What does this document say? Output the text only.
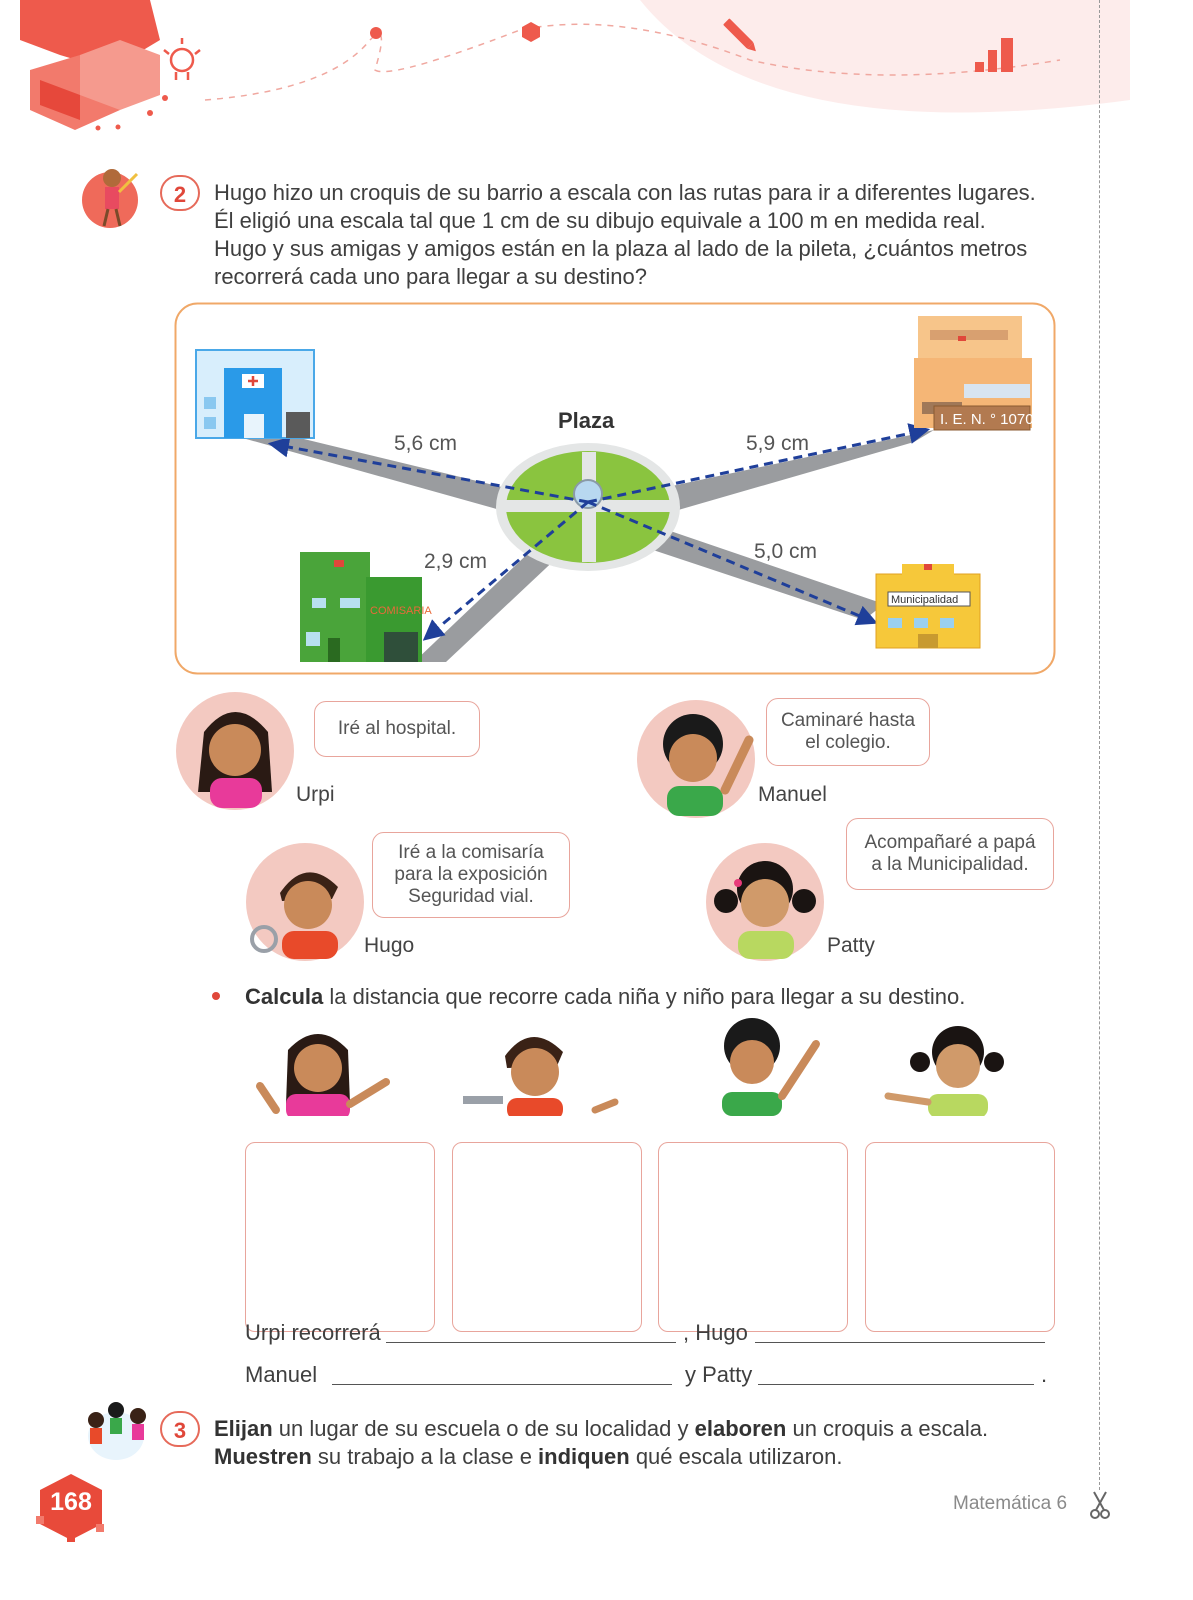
2	Hugo hizo un croquis de su barrio a escala con las rutas para ir a diferentes lugares.
Él eligió una escala tal que 1 cm de su dibujo equivale a 100 m en medida real.
Hugo y sus amigas y amigos están en la plaza al lado de la pileta, ¿cuántos metros
recorrerá cada uno para llegar a su destino?
I. E. N. ° 1070
COMISARIA
Municipalidad
Plaza
5,6 cm	5,9 cm
2,9 cm	5,0 cm
Urpi
Iré al hospital.
Manuel
Caminaré hasta
el colegio.
Hugo
Iré a la comisaría
para la exposición
Seguridad vial.
Patty
Acompañaré a papá
a la Municipalidad.
Calcula la distancia que recorre cada niña y niño para llegar a su destino.
Urpi recorrerá	, Hugo
Manuel	y Patty	.
3	Elijan un lugar de su escuela o de su localidad y elaboren un croquis a escala.
Muestren su trabajo a la clase e indiquen qué escala utilizaron.
168	Matemática 6
